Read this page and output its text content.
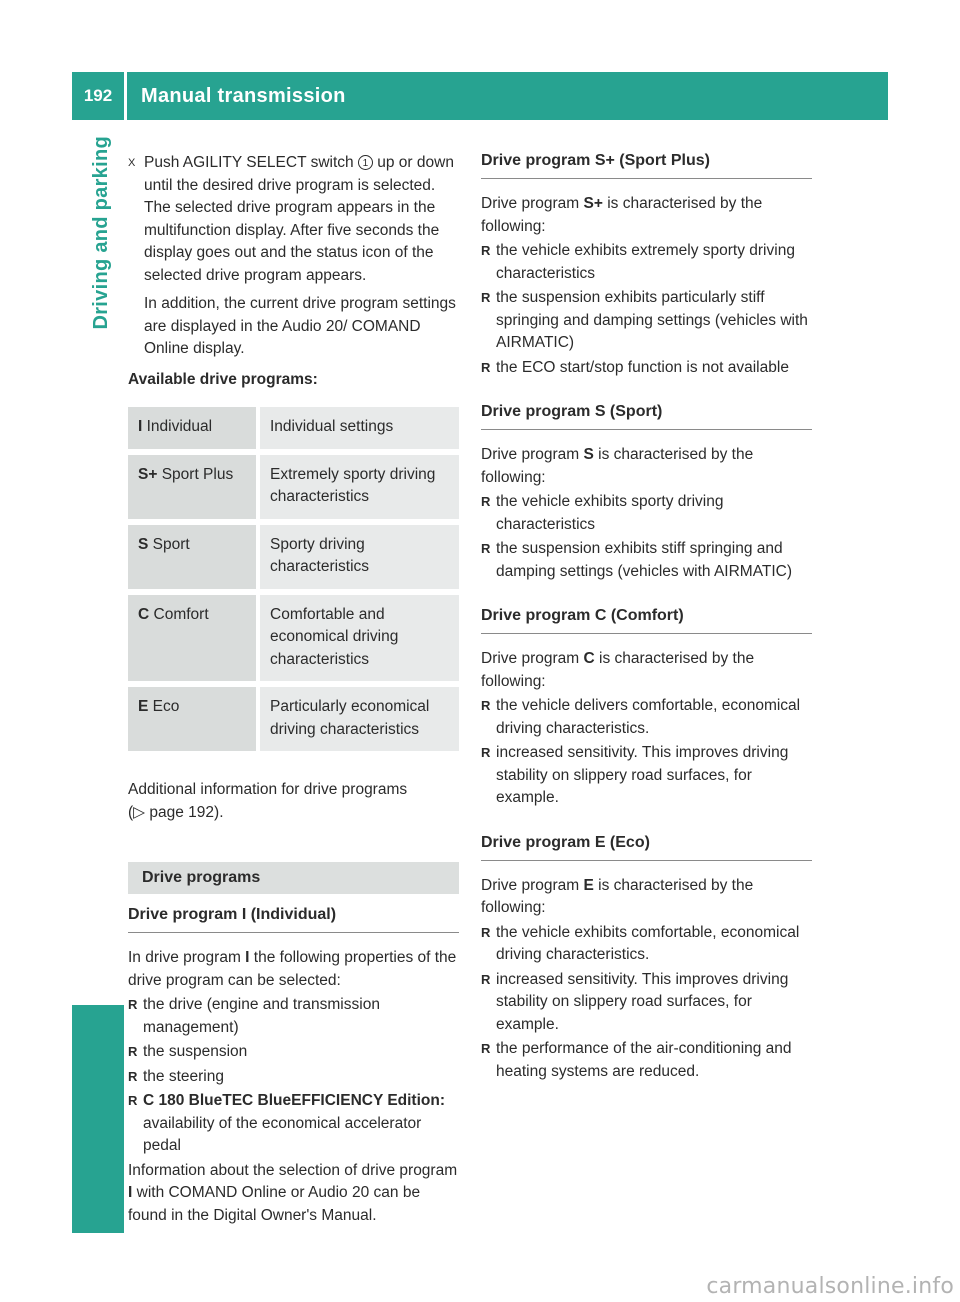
192	Manual transmission
Driving and parking X Push AGILITY SELECT switch 1 up or down until the desired drive program is selected. The selected drive program appears in the multifunction display. After five seconds the display goes out and the status icon of the selected drive program appears.

In addition, the current drive program settings are displayed in the Audio 20/ COMAND Online display.

Available drive programs:

I Individual	Individual settings
S+ Sport Plus	Extremely sporty driving characteristics
S Sport	Sporty driving characteristics
C Comfort	Comfortable and economical driving characteristics
E Eco	Particularly economical driving characteristics

Additional information for drive programs
(▷ page 192).

Drive programs
Drive program I (Individual)

In drive program I the following properties of the drive program can be selected:

R the drive (engine and transmission management)
R the suspension
R the steering
R C 180 BlueTEC BlueEFFICIENCY Edition: availability of the economical accelerator pedal

Information about the selection of drive program I with COMAND Online or Audio 20 can be found in the Digital Owner's Manual.

Drive program S+ (Sport Plus)

Drive program S+ is characterised by the following:

R the vehicle exhibits extremely sporty driving characteristics
R the suspension exhibits particularly stiff springing and damping settings (vehicles with AIRMATIC)
R the ECO start/stop function is not available
Drive program S (Sport)

Drive program S is characterised by the following:

R the vehicle exhibits sporty driving characteristics
R the suspension exhibits stiff springing and damping settings (vehicles with AIRMATIC)
Drive program C (Comfort)

Drive program C is characterised by the following:

R the vehicle delivers comfortable, economical driving characteristics.
R increased sensitivity. This improves driving stability on slippery road surfaces, for example.
Drive program E (Eco)

Drive program E is characterised by the following:

R the vehicle exhibits comfortable, economical driving characteristics.
R increased sensitivity. This improves driving stability on slippery road surfaces, for example.
R the performance of the air-conditioning and heating systems are reduced.
carmanualsonline.info
